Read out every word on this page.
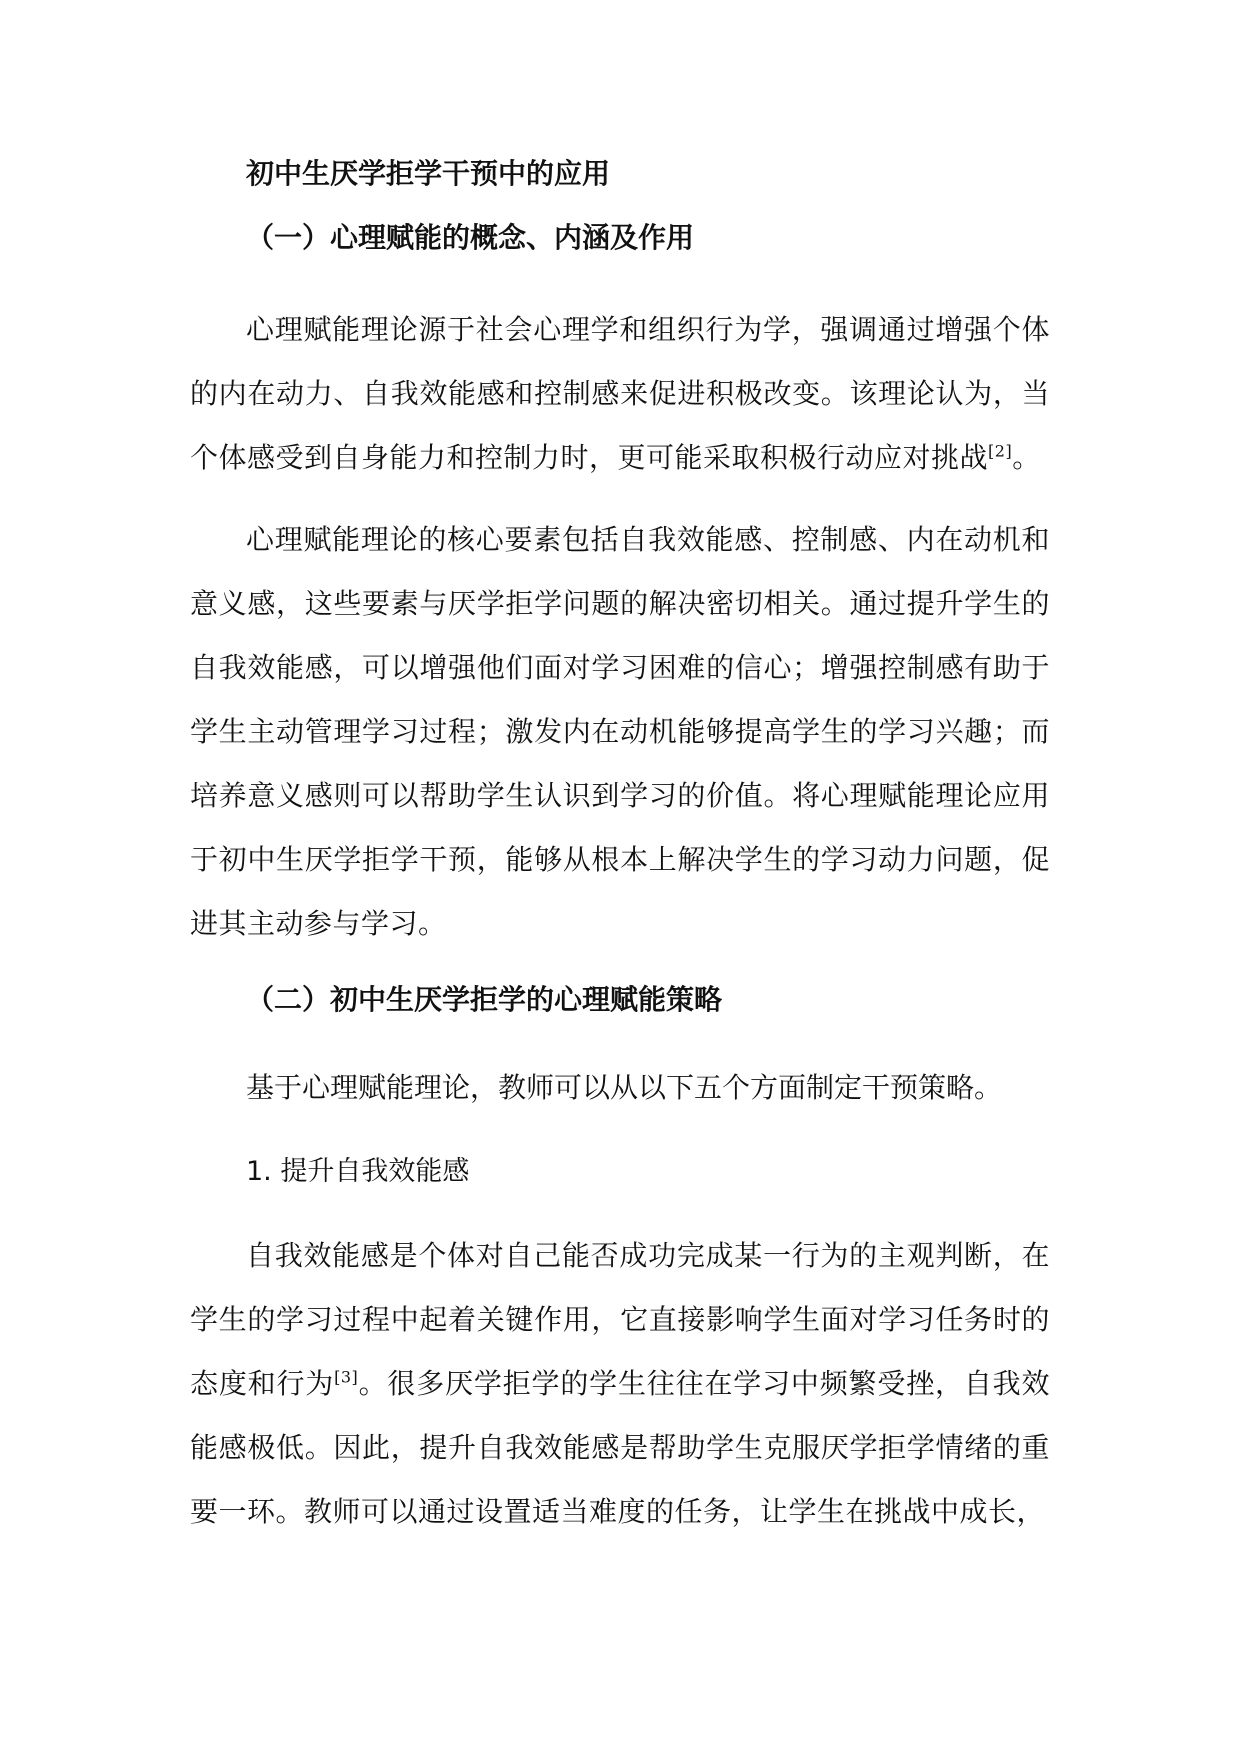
初中生厌学拒学干预中的应用
（一）心理赋能的概念、内涵及作用

心理赋能理论源于社会心理学和组织行为学，强调通过增强个体的内在动力、自我效能感和控制感来促进积极改变。该理论认为，当个体感受到自身能力和控制力时，更可能采取积极行动应对挑战[2]。

心理赋能理论的核心要素包括自我效能感、控制感、内在动机和意义感，这些要素与厌学拒学问题的解决密切相关。通过提升学生的自我效能感，可以增强他们面对学习困难的信心；增强控制感有助于学生主动管理学习过程；激发内在动机能够提高学生的学习兴趣；而培养意义感则可以帮助学生认识到学习的价值。将心理赋能理论应用于初中生厌学拒学干预，能够从根本上解决学生的学习动力问题，促进其主动参与学习。

（二）初中生厌学拒学的心理赋能策略
基于心理赋能理论，教师可以从以下五个方面制定干预策略。
1. 提升自我效能感

自我效能感是个体对自己能否成功完成某一行为的主观判断，在学生的学习过程中起着关键作用，它直接影响学生面对学习任务时的态度和行为[3]。很多厌学拒学的学生往往在学习中频繁受挫，自我效能感极低。因此，提升自我效能感是帮助学生克服厌学拒学情绪的重要一环。教师可以通过设置适当难度的任务，让学生在挑战中成长，
